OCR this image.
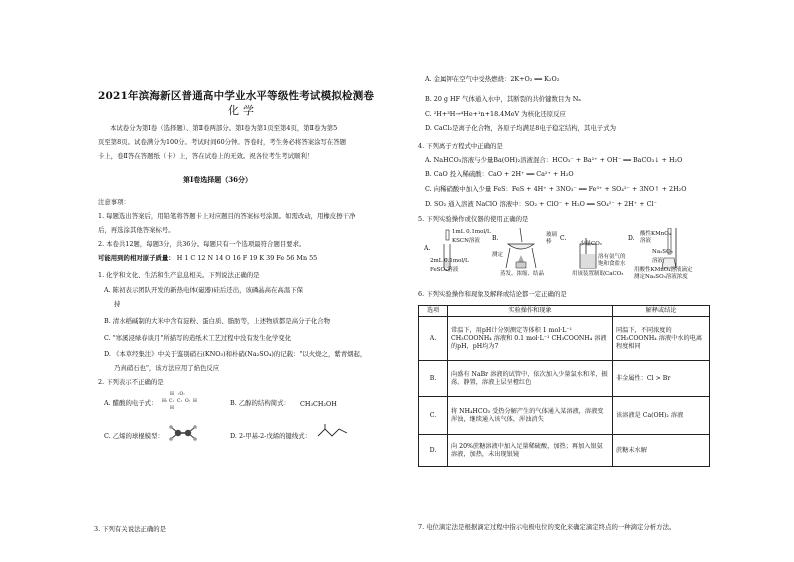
2021年滨海新区普通高中学业水平等级性考试模拟检测卷
化学
本试卷分为第Ⅰ卷（选择题）、第Ⅱ卷两部分。第Ⅰ卷为第1页至第4页，第Ⅱ卷为第5
页至第8页。试卷满分为100分。考试时间60分钟。答卷时，考生务必将答案涂写在答题
卡上，卷Ⅱ答在答题纸（卡）上，答在试卷上的无效。祝各位考生考试顺利！
第Ⅰ卷选择题（36分）
注意事项：
1. 每题选出答案后，用铅笔将答题卡上对应题目的答案标号涂黑。如需改动，用橡皮擦干净
后，再选涂其他答案标号。
2. 本卷共12题，每题3分，共36分。每题只有一个选项最符合题目要求。
可能用到的相对原子质量： H 1 C 12 N 14 O 16 F 19 K 39 Fe 56 Mn 55
1. 化学和文化、生活和生产息息相关。下列说法正确的是
A. 陈初表示团队开发的新热电体(磁器)硅后还出，该磷晶高在高温下保
持
B. 清水稻碱制的大米中含有淀粉、蛋白质、脂肪等，上述物质都是高分子化合物
C. "寒溪浸绿春谈月"所描写的造纸术工艺过程中没有发生化学变化
D. 《本草经集注》中关于鉴别硝石(KNO₃)和朴硝(Na₂SO₄)的记载："以火烧之，紫青烟起，
乃真硝石也"，该方法应用了焰色反应
2. 下列表示不正确的是
A. 醋酸的电子式： H: C: C: O: H
H :O:
H
B. 乙醇的结构简式： CH₃CH₂OH
C. 乙烯的球棍模型：	D. 2-甲基-2-戊烯的键线式：
3. 下列有关说法正确的是
A. 金属钾在空气中受热燃烧：2K+O₂ ══ K₂O₂
B. 20 g HF 气体通入水中，其断裂的共价键数目为 Nₐ
C. ²H+³H→⁴He+¹n+18.4MeV 为核化还原反应
D. CaCl₂是离子化合物，各原子均满足8电子稳定结构，其电子式为
4. 下列离子方程式中正确的是
A. NaHCO₃溶液与少量Ba(OH)₂溶液混合：HCO₃⁻ + Ba²⁺ + OH⁻ ══ BaCO₃↓ + H₂O
B. CaO 投入稀硫酸：CaO + 2H⁺ ══ Ca²⁺ + H₂O
C. 向稀硝酸中加入少量 FeS：FeS + 4H⁺ + 3NO₃⁻ ══ Fe³⁺ + SO₄²⁻ + 3NO↑ + 2H₂O
D. SO₂ 通入溶液 NaClO 溶液中：SO₂ + ClO⁻ + H₂O ══ SO₄²⁻ + 2H⁺ + Cl⁻
5. 下列实验操作或仪器的使用正确的是
A.
1mL 0.1mol/L
KSCN溶液
2mL 0.1mol/L
FeSO₄溶液
B.	玻璃
棒
测定
蒸发、浓缩、结晶
C.
少量CO₂
溶有氨气的
饱和食盐水
用该装置制取CaCO₃
D.
酸性KMnO₄
溶液
Na₂SO₃
溶液
用酸性KMnO₄溶液滴定
测定Na₂SO₃溶液浓度
6. 下列实验操作和现象及解释或结论都一定正确的是
选项	实验操作和现象	解释或结论
A.	常温下，用pH计分别测定等体积 1 mol·L⁻¹ CH₃COONH₄ 溶液和 0.1 mol·L⁻¹ CH₃COONH₄ 溶液的pH，pH均为7	同温下，不同浓度的 CH₃COONH₄ 溶液中水的电离程度相同
B.	向盛有 NaBr 溶液的试管中，依次加入少量氯水和苯，振荡、静置，溶液上层呈橙红色	非金属性：Cl > Br
C.	将 NH₄HCO₃ 受热分解产生的气体通入某溶液，溶液变浑浊，继续通入该气体，浑浊消失	该溶液是 Ca(OH)₂ 溶液
D.	向 20%蔗糖溶液中加入足量稀硫酸，加热；再加入银氨溶液，加热，未出现银镜	蔗糖未水解
7. 电位滴定法是根据滴定过程中指示电极电位的变化来确定滴定终点的一种滴定分析方法。
